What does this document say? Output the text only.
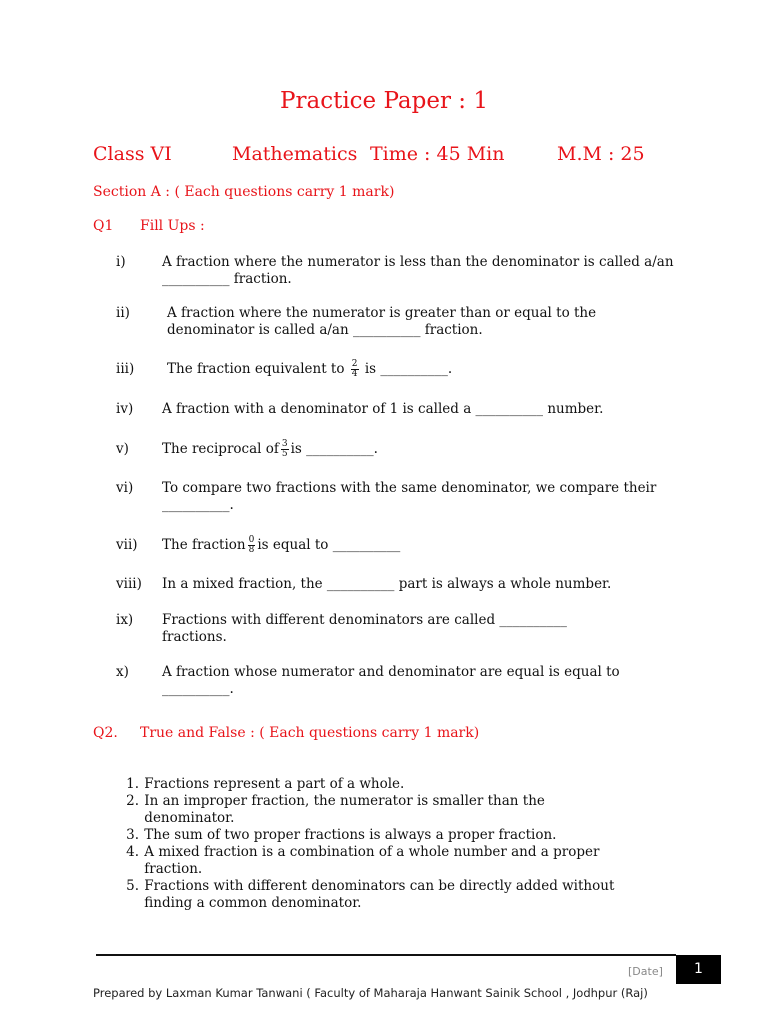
Practice Paper : 1
Class VI	Mathematics Time : 45 Min	M.M : 25
Section A : ( Each questions carry 1 mark)
Q1 Fill Ups :
i)	A fraction where the numerator is less than the denominator is called a/an __________ fraction.
ii)	A fraction where the numerator is greater than or equal to the denominator is called a/an __________ fraction.
iii) The fraction equivalent to $\frac{2}{4}$ is __________.
iv) A fraction with a denominator of 1 is called a __________ number.
v) The reciprocal of $\frac{3}{5}$ is __________.
vi) To compare two fractions with the same denominator, we compare their __________.
vii) The fraction $\frac{0}{8}$ is equal to __________
viii) In a mixed fraction, the __________ part is always a whole number.
ix) Fractions with different denominators are called __________ fractions.
x) A fraction whose numerator and denominator are equal is equal to __________.
Q2. True and False : ( Each questions carry 1 mark)
1. Fractions represent a part of a whole.
2. In an improper fraction, the numerator is smaller than the denominator.
3. The sum of two proper fractions is always a proper fraction.
4. A mixed fraction is a combination of a whole number and a proper fraction.
5. Fractions with different denominators can be directly added without finding a common denominator.
[Date]	1
Prepared by Laxman Kumar Tanwani ( Faculty of Maharaja Hanwant Sainik School , Jodhpur (Raj)
